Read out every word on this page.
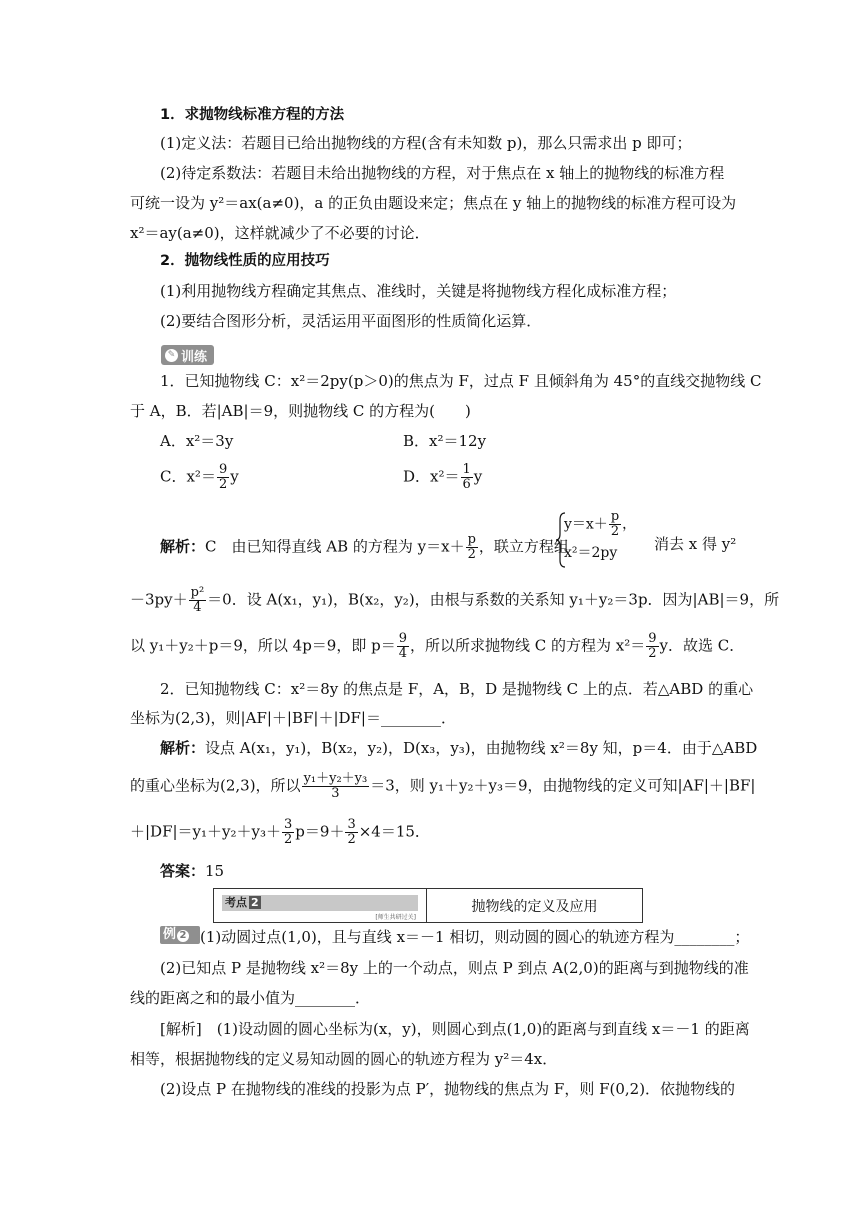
1．求抛物线标准方程的方法
(1)定义法：若题目已给出抛物线的方程(含有未知数 p)，那么只需求出 p 即可；
(2)待定系数法：若题目未给出抛物线的方程，对于焦点在 x 轴上的抛物线的标准方程
可统一设为 y²＝ax(a≠0)，a 的正负由题设来定；焦点在 y 轴上的抛物线的标准方程可设为
x²＝ay(a≠0)，这样就减少了不必要的讨论．
2．抛物线性质的应用技巧
(1)利用抛物线方程确定其焦点、准线时，关键是将抛物线方程化成标准方程；
(2)要结合图形分析，灵活运用平面图形的性质简化运算．
✎ 训练
1．已知抛物线 C：x²＝2py(p＞0)的焦点为 F，过点 F 且倾斜角为 45°的直线交抛物线 C
于 A，B．若|AB|＝9，则抛物线 C 的方程为(　　)
A．x²＝3y	B．x²＝12y
C．$x^2= \frac{9}{2}$ y	D．$x^2= \frac{1}{6}$ y
解析：C　由已知得直线 AB 的方程为 $y=x+ \frac{p}{2}$ ，联立方程组
$y=x+ \frac{p}{2}$ ，
x²＝2py	消去 x 得 y²
$-3py+ \frac{\text{p²}}{4} =0$．设 A(x₁，y₁)，B(x₂，y₂)，由根与系数的关系知 y₁＋y₂＝3p．因为|AB|＝9，所
以 y₁＋y₂＋p＝9，所以 4p＝9，即 $p= \frac{9}{4}$ ，所以所求抛物线 C 的方程为 $x^2= \frac{9}{2}$ y．故选 C．
2．已知抛物线 C：x²＝8y 的焦点是 F，A，B，D 是抛物线 C 上的点．若△ABD 的重心
坐标为(2,3)，则|AF|＋|BF|＋|DF|＝________．
解析：设点 A(x₁，y₁)，B(x₂，y₂)，D(x₃，y₃)，由抛物线 x²＝8y 知，p＝4．由于△ABD
的重心坐标为(2,3)，所以 $\frac{\text{y₁＋y₂＋y₃}}{3} =3$，则 y₁＋y₂＋y₃＝9，由抛物线的定义可知|AF|＋|BF|
$+|DF|=y_1+y_2+y_3+ \frac{3}{2} p=9+ \frac{3}{2} \times 4=15$．
答案：15
考点 2
[师生共研过关]
抛物线的定义及应用
例 2 (1)动圆过点(1,0)，且与直线 x＝－1 相切，则动圆的圆心的轨迹方程为________；
(2)已知点 P 是抛物线 x²＝8y 上的一个动点，则点 P 到点 A(2,0)的距离与到抛物线的准
线的距离之和的最小值为________．
[解析]　(1)设动圆的圆心坐标为(x，y)，则圆心到点(1,0)的距离与到直线 x＝－1 的距离
相等，根据抛物线的定义易知动圆的圆心的轨迹方程为 y²＝4x．
(2)设点 P 在抛物线的准线的投影为点 P′，抛物线的焦点为 F，则 F(0,2)．依抛物线的
